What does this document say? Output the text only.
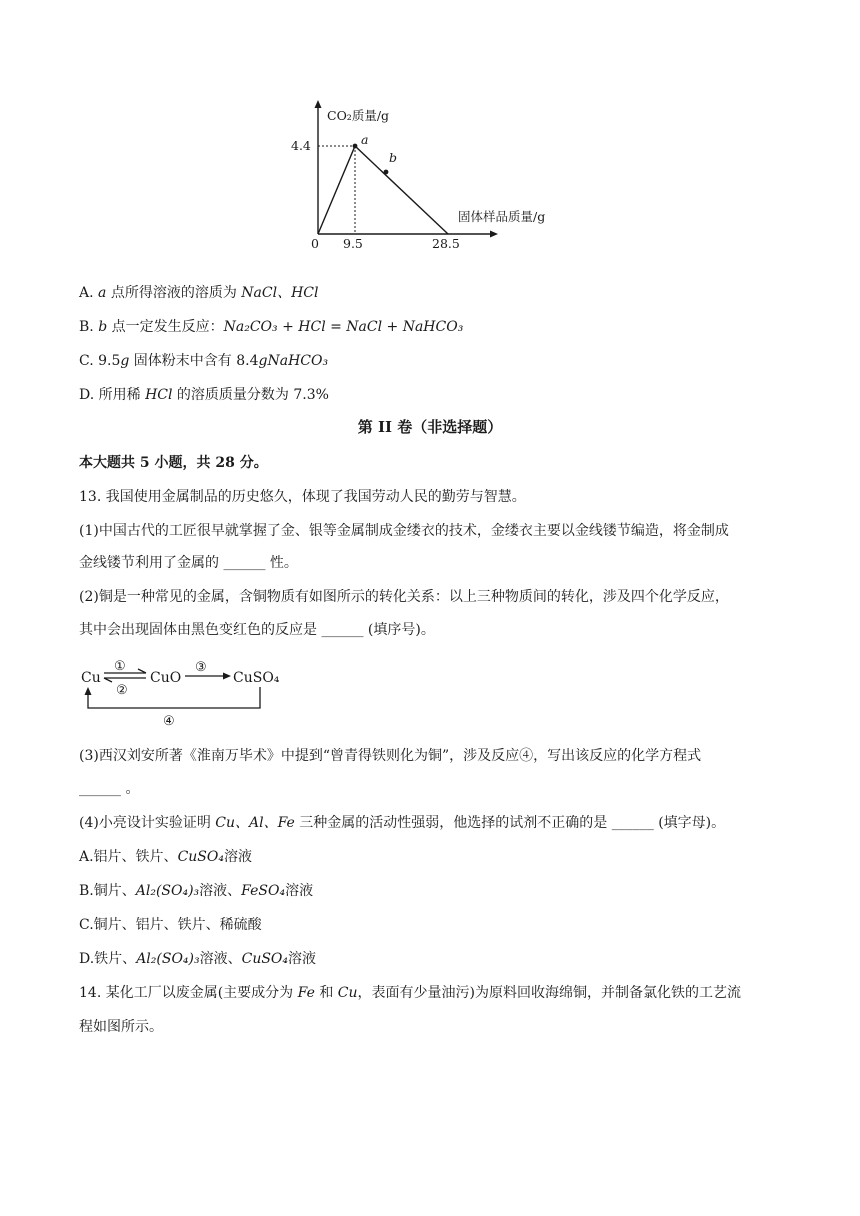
CO₂质量/g
固体样品质量/g
4.4
0 9.5	28.5
a
b
A. a 点所得溶液的溶质为 NaCl、HCl
B. b 点一定发生反应：Na₂CO₃ + HCl = NaCl + NaHCO₃
C. 9.5g 固体粉末中含有 8.4gNaHCO₃
D. 所用稀 HCl 的溶质质量分数为 7.3%
第 II 卷（非选择题）
本大题共 5 小题，共 28 分。
13. 我国使用金属制品的历史悠久，体现了我国劳动人民的勤劳与智慧。
(1)中国古代的工匠很早就掌握了金、银等金属制成金缕衣的技术，金缕衣主要以金线镂节编造，将金制成
金线镂节利用了金属的 ______ 性。
(2)铜是一种常见的金属，含铜物质有如图所示的转化关系：以上三种物质间的转化，涉及四个化学反应，
其中会出现固体由黑色变红色的反应是 ______ (填序号)。
Cu	CuO	CuSO₄
①
②
③
④
(3)西汉刘安所著《淮南万毕术》中提到“曾青得铁则化为铜”，涉及反应④，写出该反应的化学方程式
______ 。
(4)小亮设计实验证明 Cu、Al、Fe 三种金属的活动性强弱，他选择的试剂不正确的是 ______ (填字母)。
A.铝片、铁片、CuSO₄溶液
B.铜片、Al₂(SO₄)₃溶液、FeSO₄溶液
C.铜片、铝片、铁片、稀硫酸
D.铁片、Al₂(SO₄)₃溶液、CuSO₄溶液
14. 某化工厂以废金属(主要成分为 Fe 和 Cu，表面有少量油污)为原料回收海绵铜，并制备氯化铁的工艺流
程如图所示。
